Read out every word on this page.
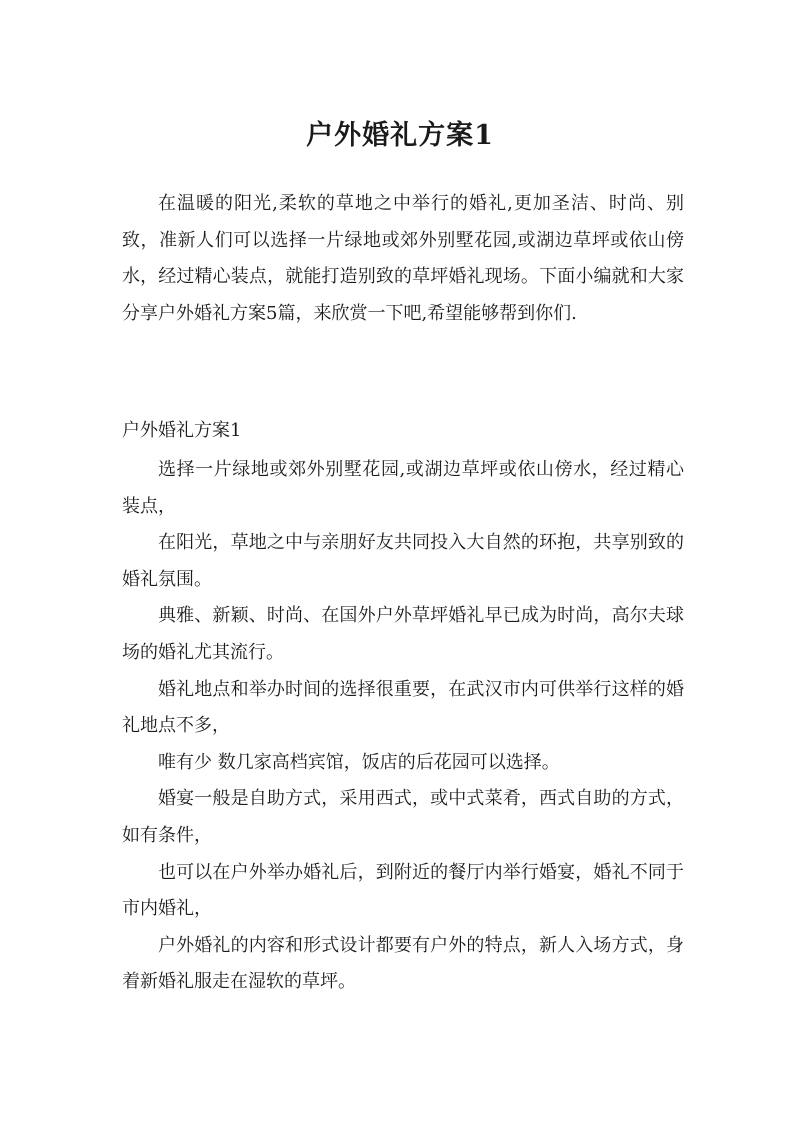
户外婚礼方案1

在温暖的阳光,柔软的草地之中举行的婚礼,更加圣洁、时尚、别致，准新人们可以选择一片绿地或郊外别墅花园,或湖边草坪或依山傍水，经过精心装点，就能打造别致的草坪婚礼现场。下面小编就和大家分享户外婚礼方案5篇，来欣赏一下吧,希望能够帮到你们.

户外婚礼方案1

选择一片绿地或郊外别墅花园,或湖边草坪或依山傍水，经过精心装点，

在阳光，草地之中与亲朋好友共同投入大自然的环抱，共享别致的婚礼氛围。

典雅、新颖、时尚、在国外户外草坪婚礼早已成为时尚，高尔夫球场的婚礼尤其流行。

婚礼地点和举办时间的选择很重要，在武汉市内可供举行这样的婚礼地点不多，

唯有少 数几家高档宾馆，饭店的后花园可以选择。

婚宴一般是自助方式，采用西式，或中式菜肴，西式自助的方式，如有条件，

也可以在户外举办婚礼后，到附近的餐厅内举行婚宴，婚礼不同于市内婚礼，

户外婚礼的内容和形式设计都要有户外的特点，新人入场方式，身着新婚礼服走在湿软的草坪。
